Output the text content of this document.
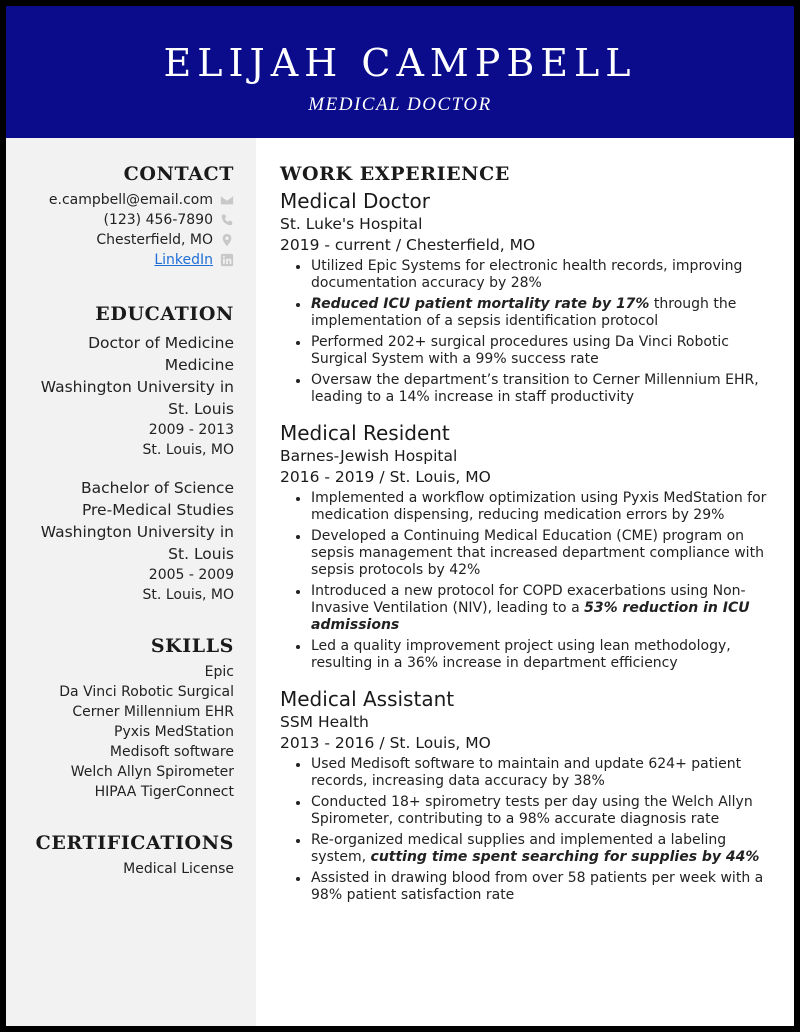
ELIJAH CAMPBELL
MEDICAL DOCTOR
CONTACT
e.campbell@email.com
(123) 456-7890
Chesterfield, MO
LinkedIn
EDUCATION
Doctor of Medicine
Medicine
Washington University in
St. Louis
2009 - 2013
St. Louis, MO
Bachelor of Science
Pre-Medical Studies
Washington University in
St. Louis
2005 - 2009
St. Louis, MO
SKILLS
Epic
Da Vinci Robotic Surgical
Cerner Millennium EHR
Pyxis MedStation
Medisoft software
Welch Allyn Spirometer
HIPAA TigerConnect
CERTIFICATIONS
Medical License
WORK EXPERIENCE
Medical Doctor
St. Luke's Hospital
2019 - current / Chesterfield, MO
Utilized Epic Systems for electronic health records, improving documentation accuracy by 28%
Reduced ICU patient mortality rate by 17% through the implementation of a sepsis identification protocol
Performed 202+ surgical procedures using Da Vinci Robotic Surgical System with a 99% success rate
Oversaw the department’s transition to Cerner Millennium EHR, leading to a 14% increase in staff productivity
Medical Resident
Barnes-Jewish Hospital
2016 - 2019 / St. Louis, MO
Implemented a workflow optimization using Pyxis MedStation for medication dispensing, reducing medication errors by 29%
Developed a Continuing Medical Education (CME) program on sepsis management that increased department compliance with sepsis protocols by 42%
Introduced a new protocol for COPD exacerbations using Non-Invasive Ventilation (NIV), leading to a 53% reduction in ICU admissions
Led a quality improvement project using lean methodology, resulting in a 36% increase in department efficiency
Medical Assistant
SSM Health
2013 - 2016 / St. Louis, MO
Used Medisoft software to maintain and update 624+ patient records, increasing data accuracy by 38%
Conducted 18+ spirometry tests per day using the Welch Allyn Spirometer, contributing to a 98% accurate diagnosis rate
Re-organized medical supplies and implemented a labeling system, cutting time spent searching for supplies by 44%
Assisted in drawing blood from over 58 patients per week with a 98% patient satisfaction rate
